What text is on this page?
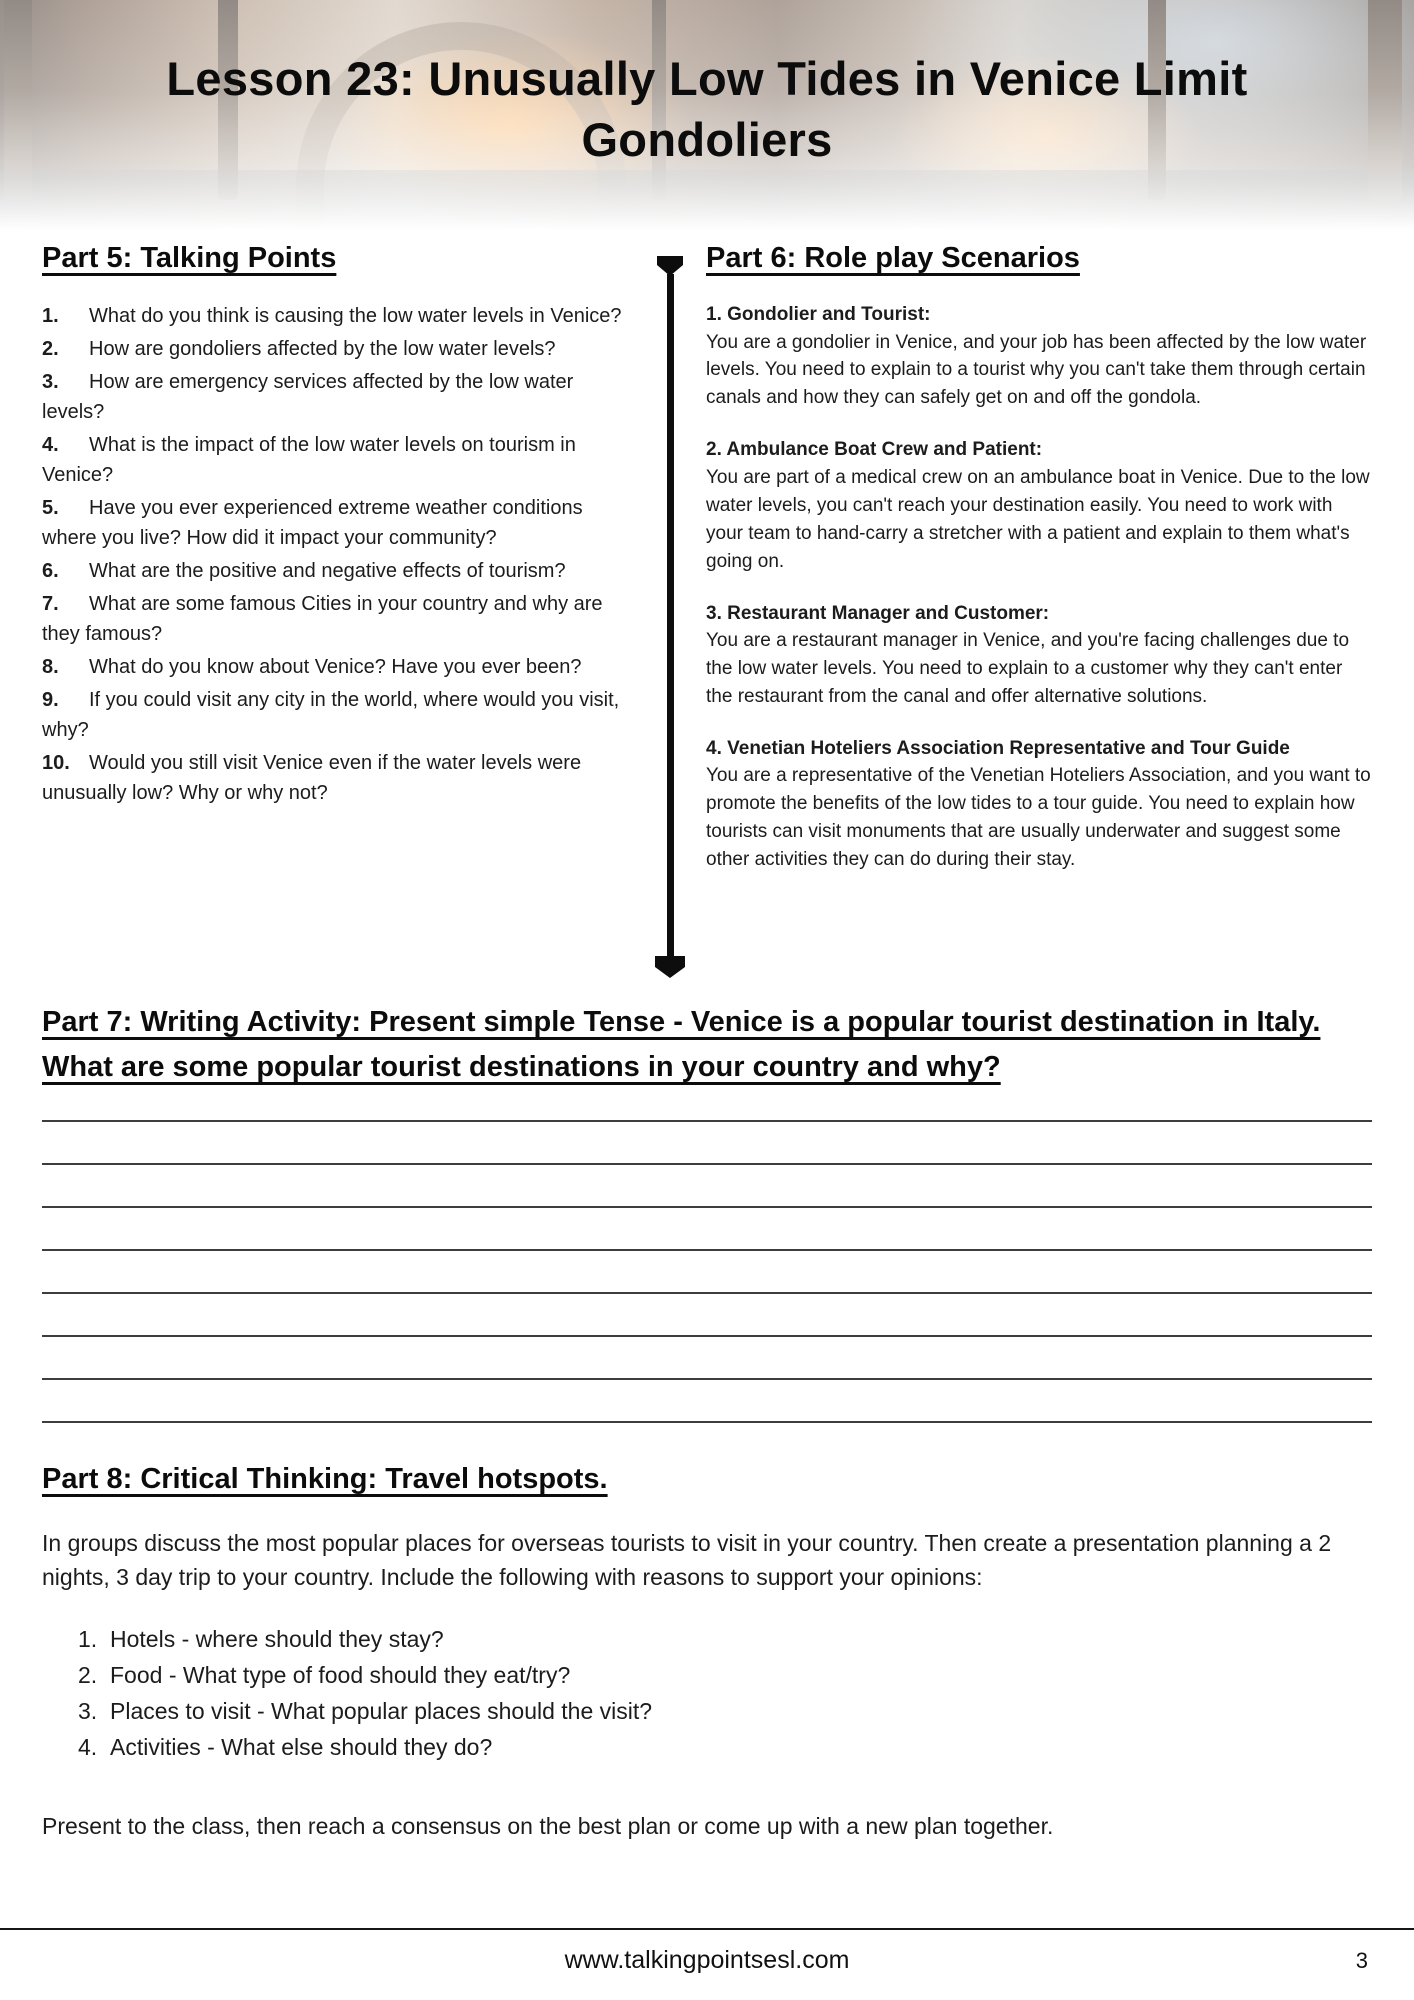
Lesson 23: Unusually Low Tides in Venice Limit
Gondoliers
Part 5: Talking Points

1. What do you think is causing the low water levels in Venice?

2. How are gondoliers affected by the low water levels?

3. How are emergency services affected by the low water levels?

4. What is the impact of the low water levels on tourism in Venice?

5. Have you ever experienced extreme weather conditions where you live? How did it impact your community?

6. What are the positive and negative effects of tourism?

7. What are some famous Cities in your country and why are they famous?

8. What do you know about Venice? Have you ever been?

9. If you could visit any city in the world, where would you visit, why?

10. Would you still visit Venice even if the water levels were unusually low? Why or why not?

Part 6: Role play Scenarios

1. Gondolier and Tourist:

You are a gondolier in Venice, and your job has been affected by the low water levels. You need to explain to a tourist why you can't take them through certain canals and how they can safely get on and off the gondola.

2. Ambulance Boat Crew and Patient:

You are part of a medical crew on an ambulance boat in Venice. Due to the low water levels, you can't reach your destination easily. You need to work with your team to hand-carry a stretcher with a patient and explain to them what's going on.

3. Restaurant Manager and Customer:

You are a restaurant manager in Venice, and you're facing challenges due to the low water levels. You need to explain to a customer why they can't enter the restaurant from the canal and offer alternative solutions.

4. Venetian Hoteliers Association Representative and Tour Guide

You are a representative of the Venetian Hoteliers Association, and you want to promote the benefits of the low tides to a tour guide. You need to explain how tourists can visit monuments that are usually underwater and suggest some other activities they can do during their stay.

Part 7: Writing Activity: Present simple Tense - Venice is a popular tourist destination in Italy. What are some popular tourist destinations in your country and why?
Part 8: Critical Thinking: Travel hotspots.

In groups discuss the most popular places for overseas tourists to visit in your country. Then create a presentation planning a 2 nights, 3 day trip to your country. Include the following with reasons to support your opinions:

1. Hotels - where should they stay?

2. Food - What type of food should they eat/try?

3. Places to visit - What popular places should the visit?

4. Activities - What else should they do?

Present to the class, then reach a consensus on the best plan or come up with a new plan together.

www.talkingpointsesl.com	3
